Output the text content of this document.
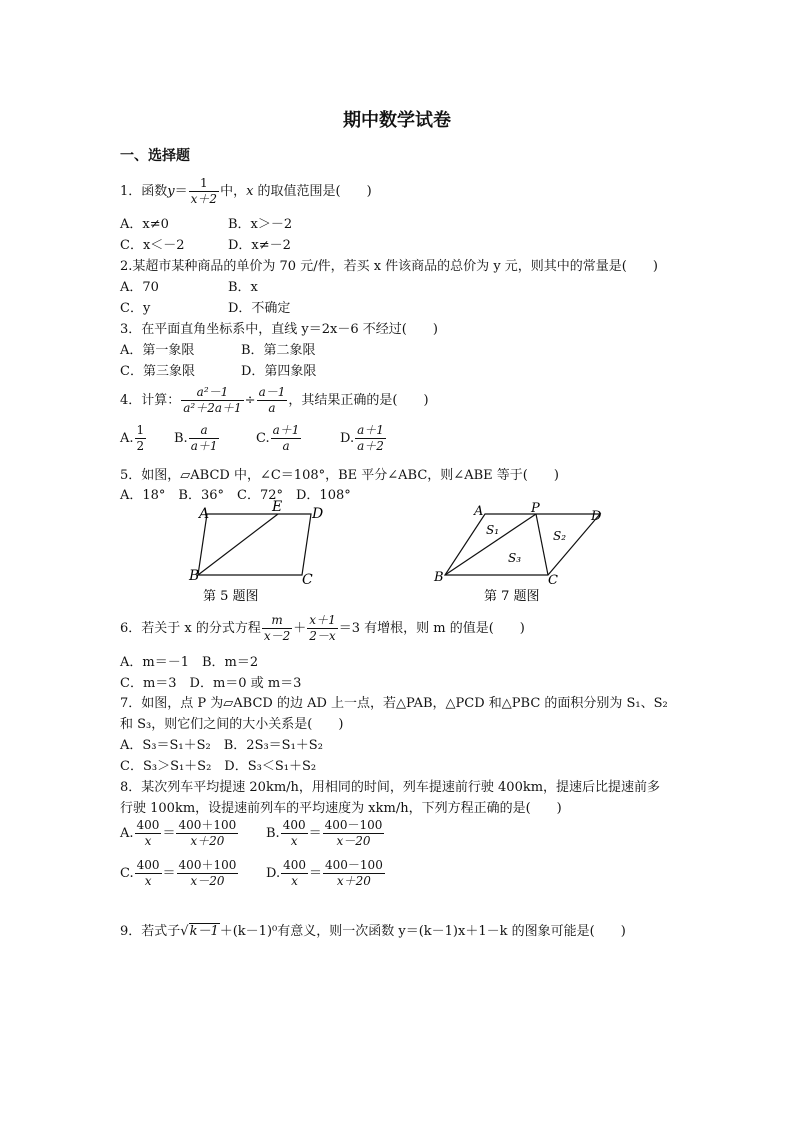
期中数学试卷
一、选择题
1．函数$y= \frac{1}{x+2}$ 中，x 的取值范围是(　　)
A．x≠0	B．x＞－2
C．x＜－2	D．x≠－2
2.某超市某种商品的单价为 70 元/件，若买 x 件该商品的总价为 y 元，则其中的常量是(　　)
A．70	B．x
C．y	D．不确定
3．在平面直角坐标系中，直线 y＝2x－6 不经过(　　)
A．第一象限	B．第二象限
C．第三象限	D．第四象限
4．计算： $\frac{\text{a²－1}}{\text{a²＋2a＋1}} \div \frac{a-1}{a}$ ，其结果正确的是(　　)
A. $\frac{1}{2} B$. $\frac{a}{a+1}$	C. $\frac{a+1}{a}$	D. $\frac{a+1}{a+2}$
5．如图，▱ABCD 中，∠C＝108°，BE 平分∠ABC，则∠ABE 等于(　　)
A．18°　B．36°　C．72°　D．108°
A	E D
B	C
第 5 题图
A	P
D
B	C
S₁	S₂
S₃
第 7 题图
6．若关于 x 的分式方程 $\frac{m}{x-2} + \frac{x+1}{2-x} =3$ 有增根，则 m 的值是(　　)
A．m＝－1　B．m＝2
C．m＝3　D．m＝0 或 m＝3
7．如图，点 P 为▱ABCD 的边 AD 上一点，若△PAB，△PCD 和△PBC 的面积分别为 S₁、S₂
和 S₃，则它们之间的大小关系是(　　)
A．S₃＝S₁＋S₂　B．2S₃＝S₁＋S₂
C．S₃＞S₁＋S₂　D．S₃＜S₁＋S₂
8．某次列车平均提速 20km/h，用相同的时间，列车提速前行驶 400km，提速后比提速前多
行驶 100km，设提速前列车的平均速度为 xkm/h，下列方程正确的是(　　)
A. $\frac{400}{x} = \frac{400+100}{x+20} B$. $\frac{400}{x} = \frac{400-100}{x-20}$
C. $\frac{400}{x} = \frac{400+100}{x-20} D$. $\frac{400}{x} = \frac{400-100}{x+20}$
9．若式子√k－1＋(k－1)⁰有意义，则一次函数 y＝(k－1)x＋1－k 的图象可能是(　　)
